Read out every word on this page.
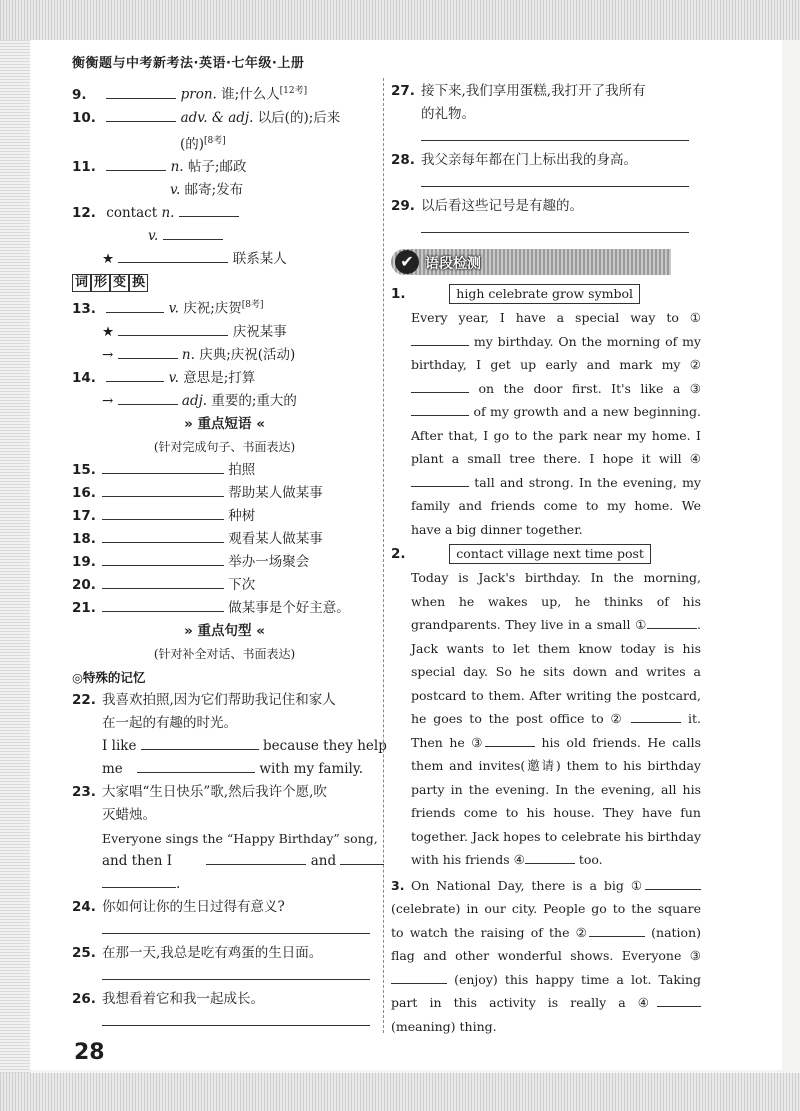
衡衡题与中考新考法·英语·七年级·上册
9.	pron. 谁;什么人[12考]
10.	adv. & adj. 以后(的);后来
(的)[8考]
11.	n. 帖子;邮政
v. 邮寄;发布
12. contact n.
v.
★	联系某人
词 形 变 换
13.	v. 庆祝;庆贺[8考]
★	庆祝某事
→	n. 庆典;庆祝(活动)
14.	v. 意思是;打算
→	adj. 重要的;重大的
» 重点短语 «
(针对完成句子、书面表达)
15.	拍照
16.	帮助某人做某事
17.	种树
18.	观看某人做某事
19.	举办一场聚会
20.	下次
21.	做某事是个好主意。
» 重点句型 «
(针对补全对话、书面表达)
◎特殊的记忆
22. 我喜欢拍照,因为它们帮助我记住和家人
在一起的有趣的时光。
I like	because they help
me	with my family.
23. 大家唱“生日快乐”歌,然后我许个愿,吹
灭蜡烛。
Everyone sings the “Happy Birthday” song,
and then I	and
.
24. 你如何让你的生日过得有意义?
25. 在那一天,我总是吃有鸡蛋的生日面。
26. 我想看着它和我一起成长。
27. 接下来,我们享用蛋糕,我打开了我所有
的礼物。
28. 我父亲每年都在门上标出我的身高。
29. 以后看这些记号是有趣的。
✔ 语段检测
1.	high celebrate grow symbol
Every year, I have a special way to ① my birthday. On the morning of my birthday, I get up early and mark my ② on the door first. It's like a ③ of my growth and a new beginning. After that, I go to the park near my home. I plant a small tree there. I hope it will ④ tall and strong. In the evening, my family and friends come to my home. We have a big dinner together.
2.	contact village next time post
Today is Jack's birthday. In the morning, when he wakes up, he thinks of his grandparents. They live in a small ①	. Jack wants to let them know today is his special day. So he sits down and writes a postcard to them. After writing the postcard, he goes to the post office to ②	it. Then he ③	his old friends. He calls them and invites(邀请) them to his birthday party in the evening. In the evening, all his friends come to his house. They have fun together. Jack hopes to celebrate his birthday with his friends ④	too.
3. On National Day, there is a big ① (celebrate) in our city. People go to the square to watch the raising of the ②	(nation) flag and other wonderful shows. Everyone ③ (enjoy) this happy time a lot. Taking part in this activity is really a ④ (meaning) thing.
28
